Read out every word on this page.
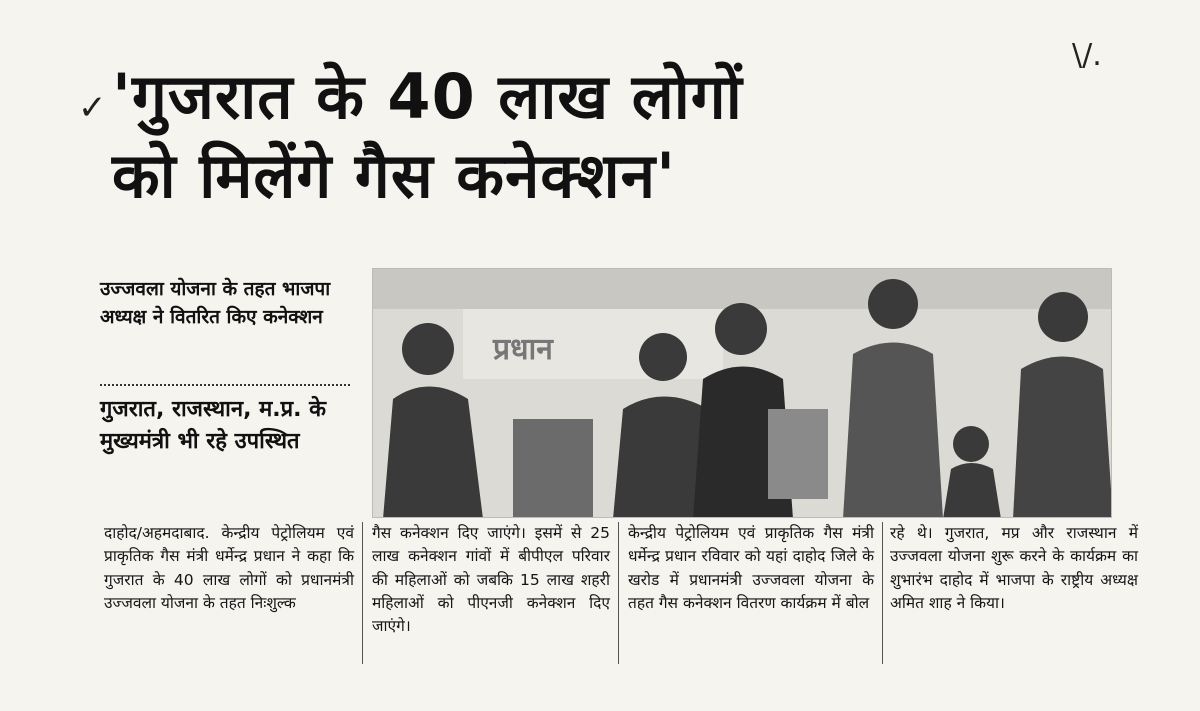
✓
\/.
'गुजरात के 40 लाख लोगों
को मिलेंगे गैस कनेक्शन'
उज्जवला योजना के तहत भाजपा अध्यक्ष ने वितरित किए कनेक्शन
गुजरात, राजस्थान, म.प्र. के मुख्यमंत्री भी रहे उपस्थित
प्रधान

दाहोद/अहमदाबाद. केन्द्रीय पेट्रोलियम एवं प्राकृतिक गैस मंत्री धर्मेन्द्र प्रधान ने कहा कि गुजरात के 40 लाख लोगों को प्रधानमंत्री उज्जवला योजना के तहत निःशुल्क

गैस कनेक्शन दिए जाएंगे। इसमें से 25 लाख कनेक्शन गांवों में बीपीएल परिवार की महिलाओं को जबकि 15 लाख शहरी महिलाओं को पीएनजी कनेक्शन दिए जाएंगे।

केन्द्रीय पेट्रोलियम एवं प्राकृतिक गैस मंत्री धर्मेन्द्र प्रधान रविवार को यहां दाहोद जिले के खरोड में प्रधानमंत्री उज्जवला योजना के तहत गैस कनेक्शन वितरण कार्यक्रम में बोल

रहे थे। गुजरात, मप्र और राजस्थान में उज्जवला योजना शुरू करने के कार्यक्रम का शुभारंभ दाहोद में भाजपा के राष्ट्रीय अध्यक्ष अमित शाह ने किया।
